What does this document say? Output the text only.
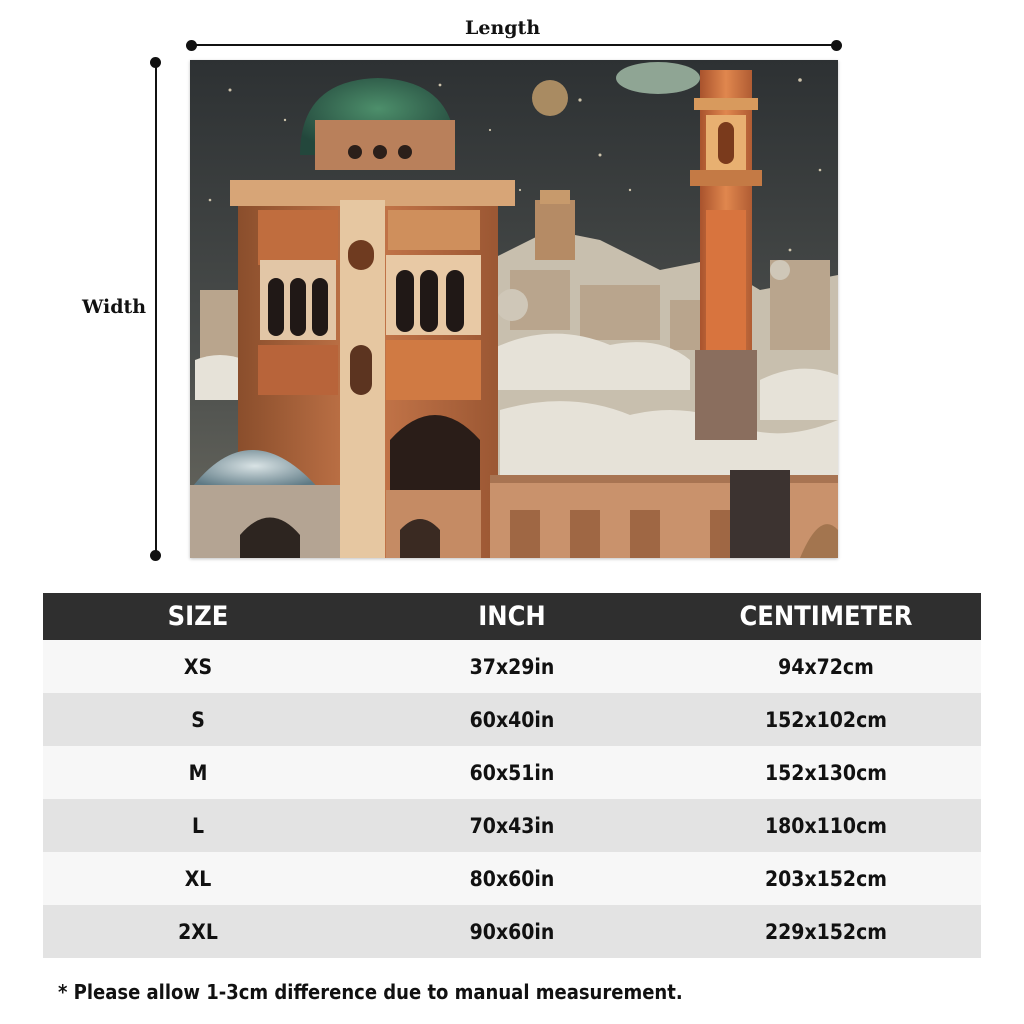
Length
Width
SIZE	INCH	CENTIMETER
XS	37x29in	94x72cm
S	60x40in	152x102cm
M	60x51in	152x130cm
L	70x43in	180x110cm
XL	80x60in	203x152cm
2XL	90x60in	229x152cm
* Please allow 1-3cm difference due to manual measurement.
